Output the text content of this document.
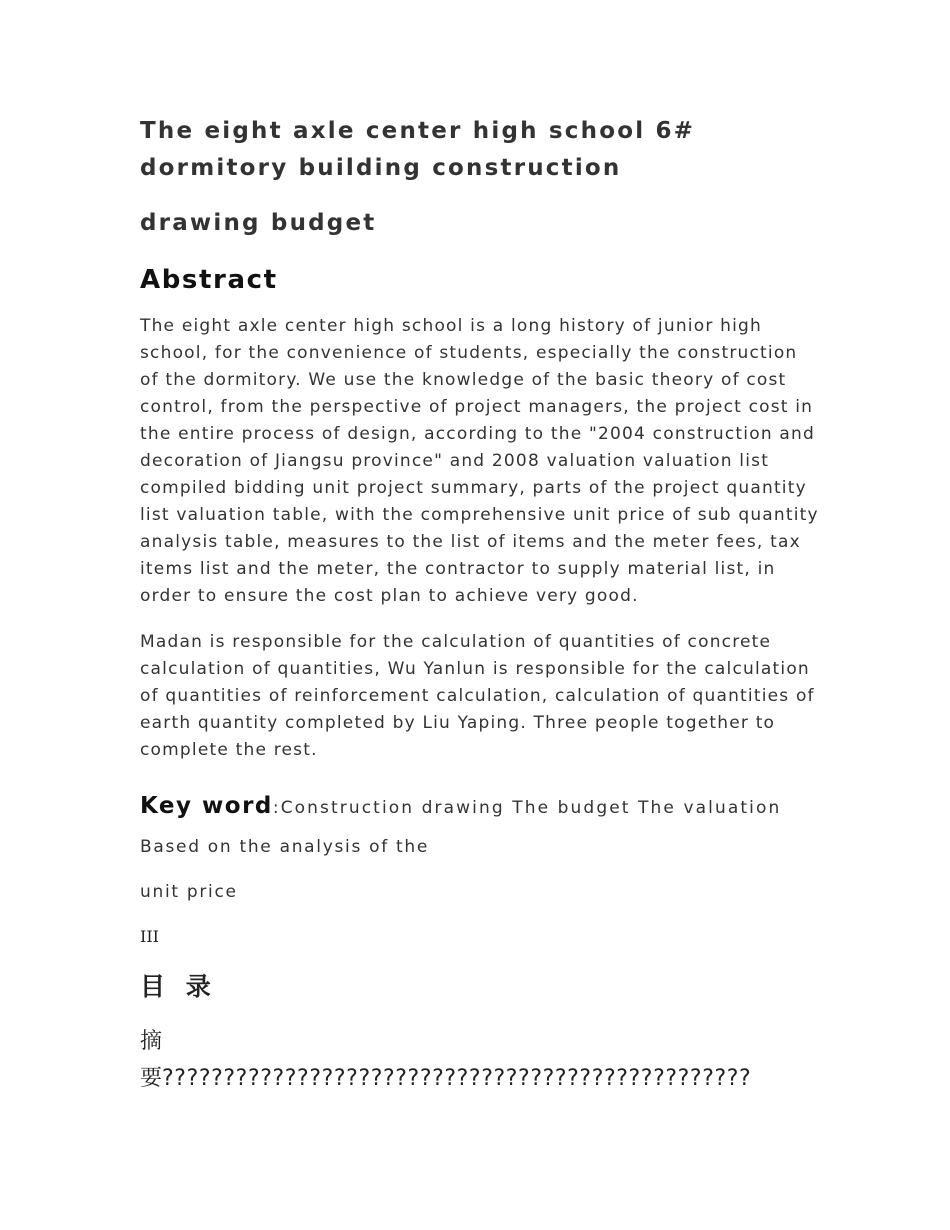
The eight axle center high school 6# dormitory building construction
drawing budget
Abstract

The eight axle center high school is a long history of junior high school, for the convenience of students, especially the construction of the dormitory. We use the knowledge of the basic theory of cost control, from the perspective of project managers, the project cost in the entire process of design, according to the "2004 construction and decoration of Jiangsu province" and 2008 valuation valuation list compiled bidding unit project summary, parts of the project quantity list valuation table, with the comprehensive unit price of sub quantity analysis table, measures to the list of items and the meter fees, tax items list and the meter, the contractor to supply material list, in order to ensure the cost plan to achieve very good.

Madan is responsible for the calculation of quantities of concrete calculation of quantities, Wu Yanlun is responsible for the calculation of quantities of reinforcement calculation, calculation of quantities of earth quantity completed by Liu Yaping. Three people together to complete the rest.

Key word:Construction drawing The budget The valuation

Based on the analysis of the

unit price

III

目 录
摘
要????????????????????????????????????????????????
